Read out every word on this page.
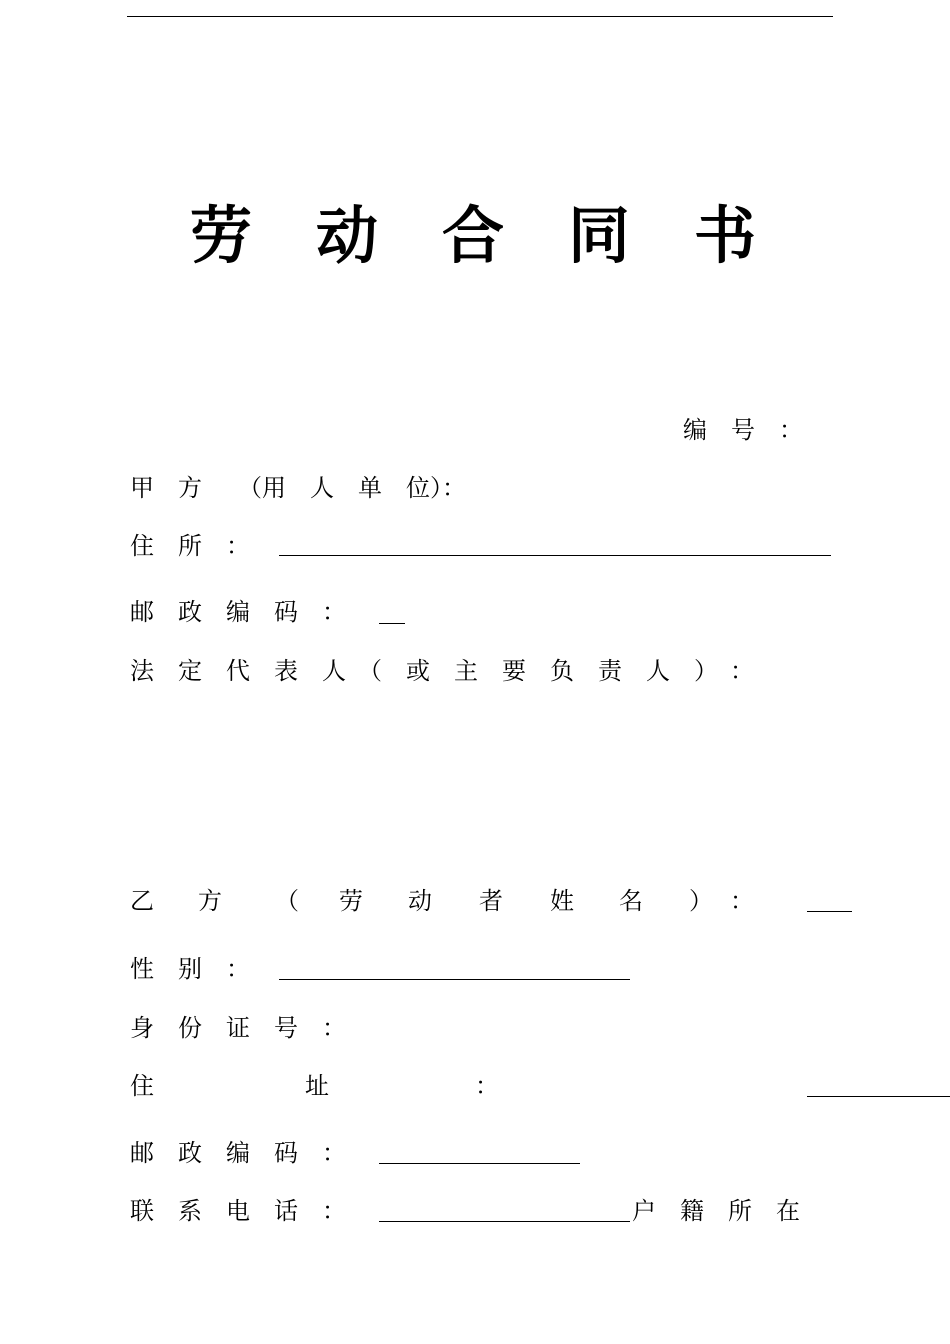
劳 动 合 同 书
编　号　：
甲　方　　（用　人　单　位）：
住　所　：
邮　政　编　码　：
法　定　代　表　人　（　或　主　要　负　责　人　）　：
乙 方 （ 劳 动 者 姓 名 ） ：
性　别　：
身　份　证　号　：
住	址	：
邮　政　编　码　：
联　系　电　话　：	户　籍　所　在
